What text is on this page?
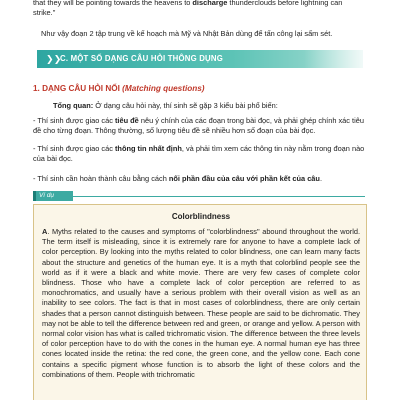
that they will be pointing towards the heavens to discharge thunderclouds before lightning can strike."
Như vậy đoạn 2 tập trung về kế hoạch mà Mỹ và Nhật Bản dùng để tấn công lại sấm sét.
❯❯
C. MỘT SỐ DẠNG CÂU HỎI THÔNG DỤNG
1. DẠNG CÂU HỎI NỐI (Matching questions)
Tổng quan: Ở dạng câu hỏi này, thí sinh sẽ gặp 3 kiểu bài phổ biến:
- Thí sinh được giao các tiêu đề nêu ý chính của các đoạn trong bài đọc, và phải ghép chính xác tiêu đề cho từng đoạn. Thông thường, số lượng tiêu đề sẽ nhiều hơn số đoạn của bài đọc.
- Thí sinh được giao các thông tin nhất định, và phải tìm xem các thông tin này nằm trong đoạn nào của bài đọc.
- Thí sinh cần hoàn thành câu bằng cách nối phần đầu của câu với phần kết của câu.
Ví dụ
Colorblindness
A. Myths related to the causes and symptoms of "colorblindness" abound throughout the world. The term itself is misleading, since it is extremely rare for anyone to have a complete lack of color perception. By looking into the myths related to color blindness, one can learn many facts about the structure and genetics of the human eye. It is a myth that colorblind people see the world as if it were a black and white movie. There are very few cases of complete color blindness. Those who have a complete lack of color perception are referred to as monochromatics, and usually have a serious problem with their overall vision as well as an inability to see colors. The fact is that in most cases of colorblindness, there are only certain shades that a person cannot distinguish between. These people are said to be dichromatic. They may not be able to tell the difference between red and green, or orange and yellow. A person with normal color vision has what is called trichromatic vision. The difference between the three levels of color perception have to do with the cones in the human eye. A normal human eye has three cones located inside the retina: the red cone, the green cone, and the yellow cone. Each cone contains a specific pigment whose function is to absorb the light of these colors and the combinations of them. People with trichromatic
